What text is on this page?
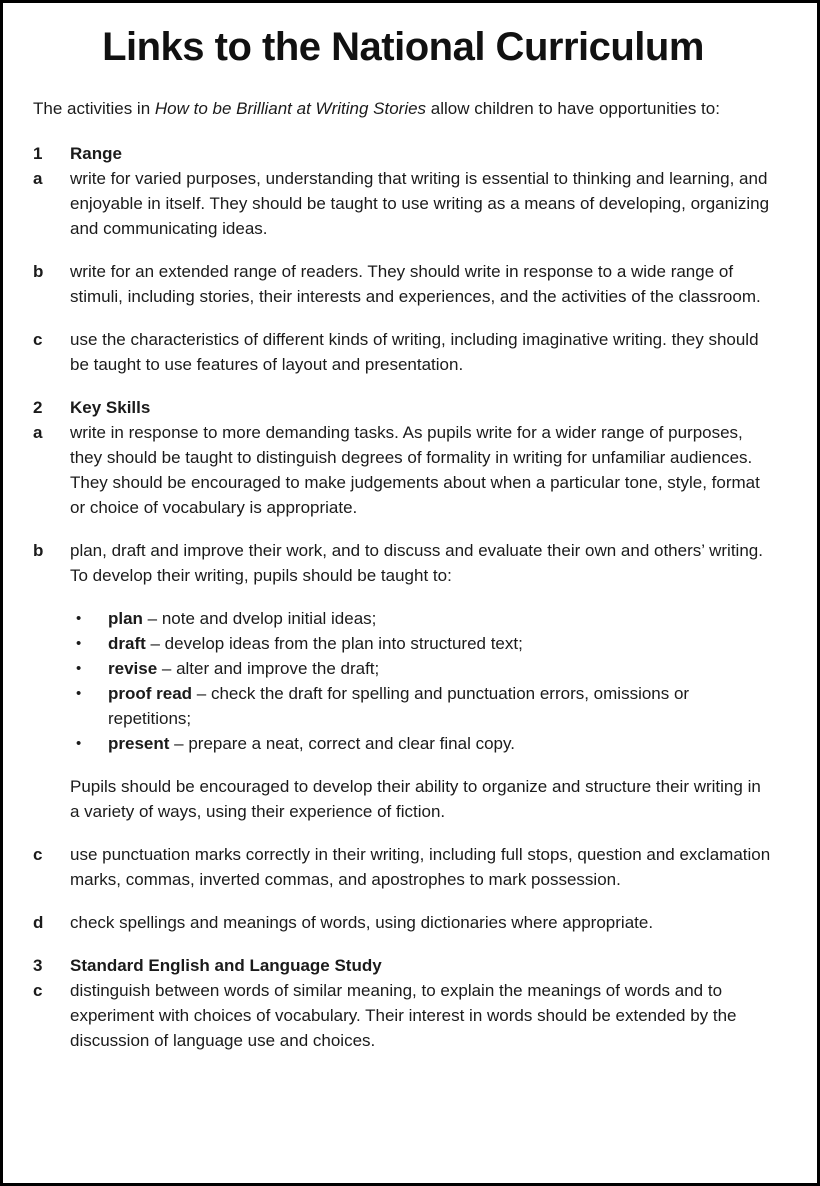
Links to the National Curriculum

The activities in How to be Brilliant at Writing Stories allow children to have opportunities to:

1	Range
a	write for varied purposes, understanding that writing is essential to thinking and learning, and enjoyable in itself. They should be taught to use writing as a means of developing, organizing and communicating ideas.

b	write for an extended range of readers. They should write in response to a wide range of stimuli, including stories, their interests and experiences, and the activities of the classroom.

c	use the characteristics of different kinds of writing, including imaginative writing. they should be taught to use features of layout and presentation.

2	Key Skills
a	write in response to more demanding tasks. As pupils write for a wider range of purposes, they should be taught to distinguish degrees of formality in writing for unfamiliar audiences. They should be encouraged to make judgements about when a particular tone, style, format or choice of vocabulary is appropriate.

b	plan, draft and improve their work, and to discuss and evaluate their own and others’ writing. To develop their writing, pupils should be taught to:

•	plan – note and dvelop initial ideas;
•	draft – develop ideas from the plan into structured text;
•	revise – alter and improve the draft;
•	proof read – check the draft for spelling and punctuation errors, omissions or repetitions;
•	present – prepare a neat, correct and clear final copy.

Pupils should be encouraged to develop their ability to organize and structure their writing in a variety of ways, using their experience of fiction.

c	use punctuation marks correctly in their writing, including full stops, question and exclamation marks, commas, inverted commas, and apostrophes to mark possession.

d	check spellings and meanings of words, using dictionaries where appropriate.

3	Standard English and Language Study
c	distinguish between words of similar meaning, to explain the meanings of words and to experiment with choices of vocabulary. Their interest in words should be extended by the discussion of language use and choices.
